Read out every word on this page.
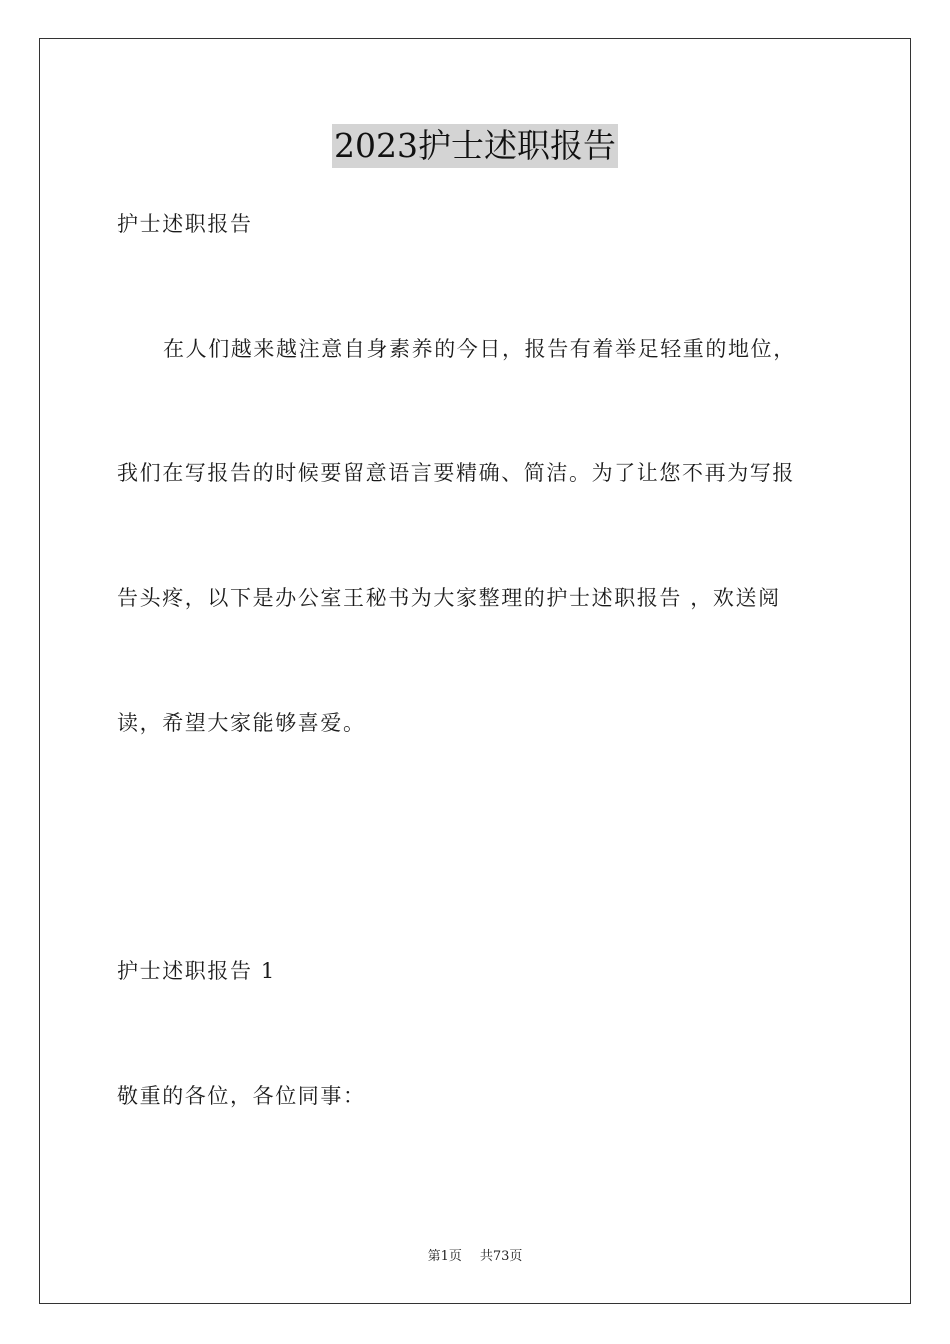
2023护士述职报告
护士述职报告
在人们越来越注意自身素养的今日，报告有着举足轻重的地位，
我们在写报告的时候要留意语言要精确、简洁。为了让您不再为写报
告头疼，以下是办公室王秘书为大家整理的护士述职报告 ，欢送阅
读，希望大家能够喜爱。
护士述职报告 1
敬重的各位，各位同事：
第1页 共73页
